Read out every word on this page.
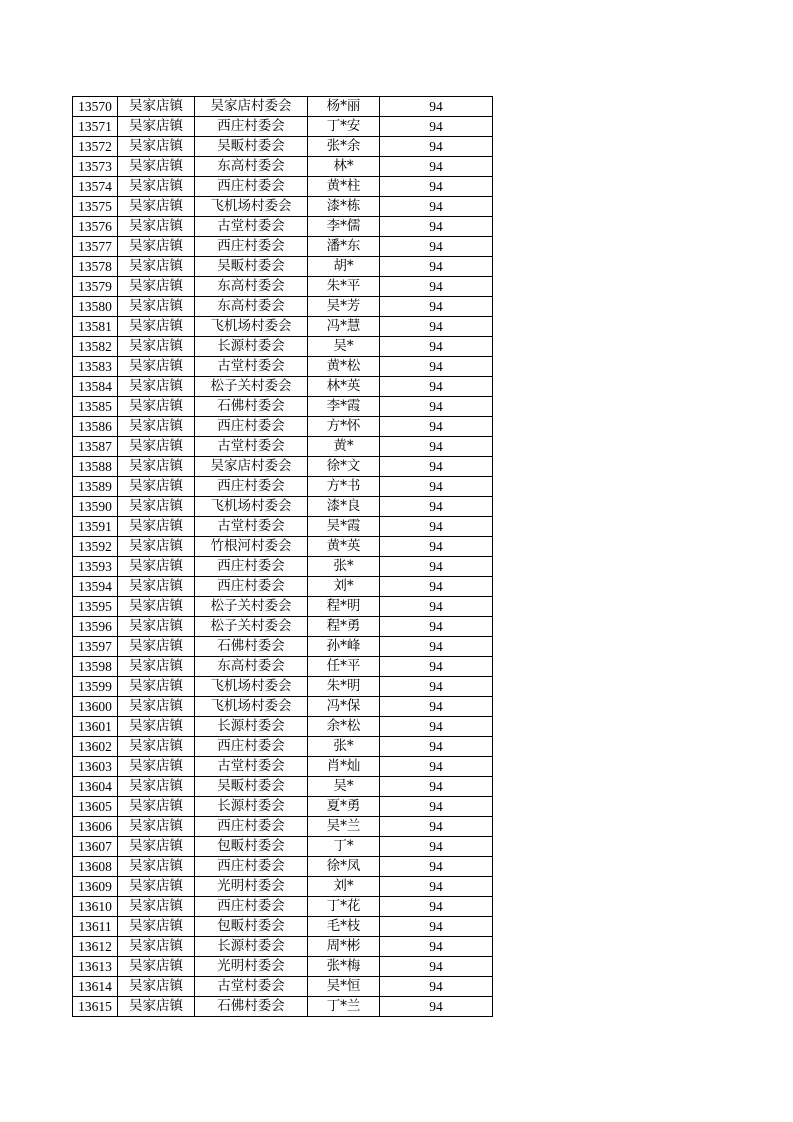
13570	吴家店镇	吴家店村委会	杨*丽	94
13571	吴家店镇	西庄村委会	丁*安	94
13572	吴家店镇	吴畈村委会	张*余	94
13573	吴家店镇	东高村委会	林*	94
13574	吴家店镇	西庄村委会	黄*柱	94
13575	吴家店镇	飞机场村委会	漆*栋	94
13576	吴家店镇	古堂村委会	李*儒	94
13577	吴家店镇	西庄村委会	潘*东	94
13578	吴家店镇	吴畈村委会	胡*	94
13579	吴家店镇	东高村委会	朱*平	94
13580	吴家店镇	东高村委会	吴*芳	94
13581	吴家店镇	飞机场村委会	冯*慧	94
13582	吴家店镇	长源村委会	吴*	94
13583	吴家店镇	古堂村委会	黄*松	94
13584	吴家店镇	松子关村委会	林*英	94
13585	吴家店镇	石佛村委会	李*霞	94
13586	吴家店镇	西庄村委会	方*怀	94
13587	吴家店镇	古堂村委会	黄*	94
13588	吴家店镇	吴家店村委会	徐*文	94
13589	吴家店镇	西庄村委会	方*书	94
13590	吴家店镇	飞机场村委会	漆*良	94
13591	吴家店镇	古堂村委会	吴*霞	94
13592	吴家店镇	竹根河村委会	黄*英	94
13593	吴家店镇	西庄村委会	张*	94
13594	吴家店镇	西庄村委会	刘*	94
13595	吴家店镇	松子关村委会	程*明	94
13596	吴家店镇	松子关村委会	程*勇	94
13597	吴家店镇	石佛村委会	孙*峰	94
13598	吴家店镇	东高村委会	任*平	94
13599	吴家店镇	飞机场村委会	朱*明	94
13600	吴家店镇	飞机场村委会	冯*保	94
13601	吴家店镇	长源村委会	余*松	94
13602	吴家店镇	西庄村委会	张*	94
13603	吴家店镇	古堂村委会	肖*灿	94
13604	吴家店镇	吴畈村委会	吴*	94
13605	吴家店镇	长源村委会	夏*勇	94
13606	吴家店镇	西庄村委会	吴*兰	94
13607	吴家店镇	包畈村委会	丁*	94
13608	吴家店镇	西庄村委会	徐*凤	94
13609	吴家店镇	光明村委会	刘*	94
13610	吴家店镇	西庄村委会	丁*花	94
13611	吴家店镇	包畈村委会	毛*枝	94
13612	吴家店镇	长源村委会	周*彬	94
13613	吴家店镇	光明村委会	张*梅	94
13614	吴家店镇	古堂村委会	吴*恒	94
13615	吴家店镇	石佛村委会	丁*兰	94
